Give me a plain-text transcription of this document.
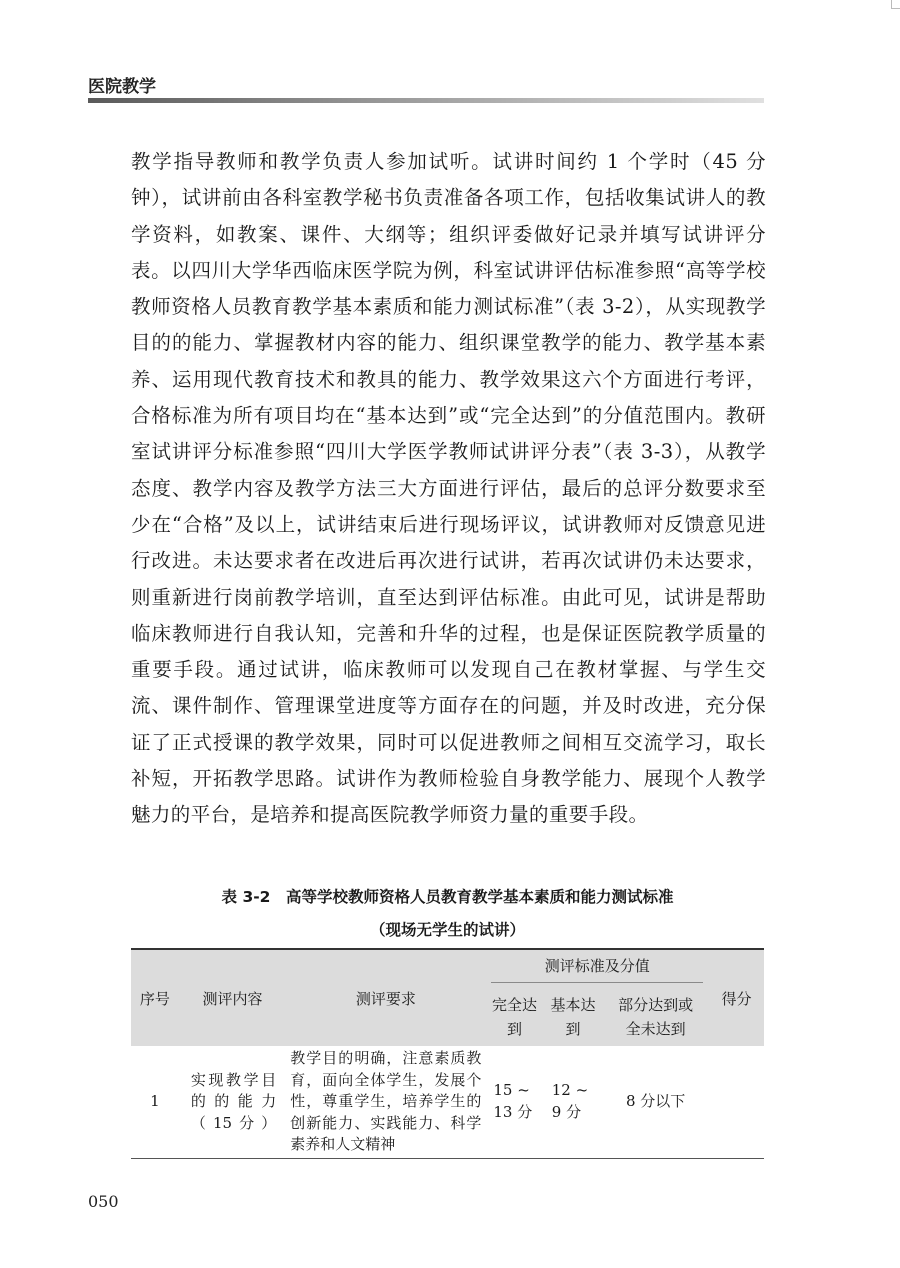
医院教学

教学指导教师和教学负责人参加试听。试讲时间约 1 个学时（45 分钟），试讲前由各科室教学秘书负责准备各项工作，包括收集试讲人的教学资料，如教案、课件、大纲等；组织评委做好记录并填写试讲评分表。以四川大学华西临床医学院为例，科室试讲评估标准参照“高等学校教师资格人员教育教学基本素质和能力测试标准”（表 3-2），从实现教学目的的能力、掌握教材内容的能力、组织课堂教学的能力、教学基本素养、运用现代教育技术和教具的能力、教学效果这六个方面进行考评，合格标准为所有项目均在“基本达到”或“完全达到”的分值范围内。教研室试讲评分标准参照“四川大学医学教师试讲评分表”（表 3-3），从教学态度、教学内容及教学方法三大方面进行评估，最后的总评分数要求至少在“合格”及以上，试讲结束后进行现场评议，试讲教师对反馈意见进行改进。未达要求者在改进后再次进行试讲，若再次试讲仍未达要求，则重新进行岗前教学培训，直至达到评估标准。由此可见，试讲是帮助临床教师进行自我认知，完善和升华的过程，也是保证医院教学质量的重要手段。通过试讲，临床教师可以发现自己在教材掌握、与学生交流、课件制作、管理课堂进度等方面存在的问题，并及时改进，充分保证了正式授课的教学效果，同时可以促进教师之间相互交流学习，取长补短，开拓教学思路。试讲作为教师检验自身教学能力、展现个人教学魅力的平台，是培养和提高医院教学师资力量的重要手段。

表 3-2　高等学校教师资格人员教育教学基本素质和能力测试标准
（现场无学生的试讲）
序号	测评内容	测评要求	测评标准及分值			得分
			完全达到	基本达到	部分达到或全未达到	
1	实现教学目的的能力（15分）	教学目的明确，注意素质教育，面向全体学生，发展个性，尊重学生，培养学生的创新能力、实践能力、科学素养和人文精神	15 ~ 13 分	12 ~ 9 分	8 分以下	
050
